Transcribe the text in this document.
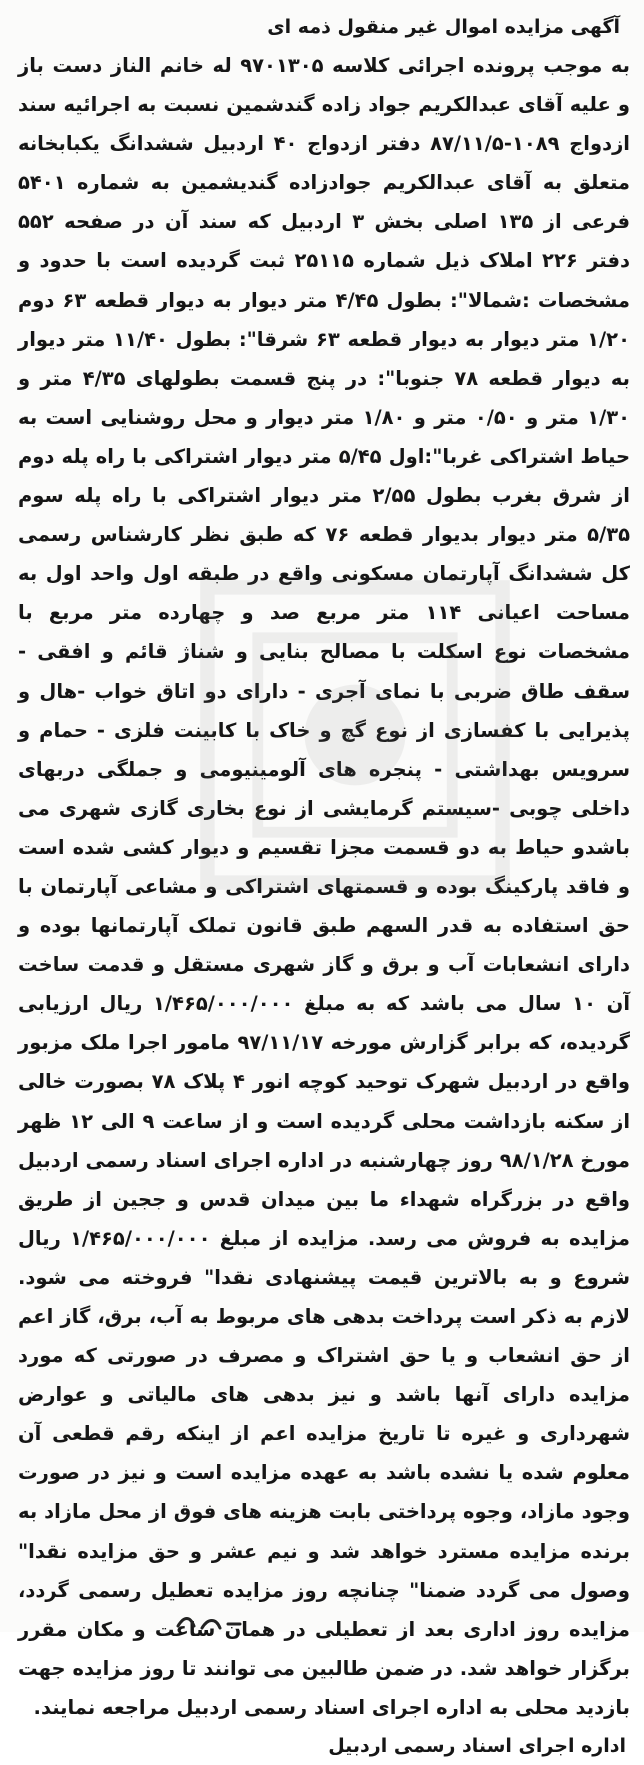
آگهی مزایده اموال غیر منقول ذمه ای

به موجب پرونده اجرائی کلاسه ۹۷۰۱۳۰۵ له خانم الناز دست باز و علیه آقای عبدالکریم جواد زاده گندشمین نسبت به اجرائیه سند ازدواج ۱۰۸۹-۸۷/۱۱/۵ دفتر ازدواج ۴۰ اردبیل ششدانگ یکبابخانه متعلق به آقای عبدالکریم جوادزاده گندیشمین به شماره ۵۴۰۱ فرعی از ۱۳۵ اصلی بخش ۳ اردبیل که سند آن در صفحه ۵۵۲ دفتر ۲۲۶ املاک ذیل شماره ۲۵۱۱۵ ثبت گردیده است با حدود و مشخصات :شمالا": بطول ۴/۴۵ متر دیوار به دیوار قطعه ۶۳ دوم ۱/۲۰ متر دیوار به دیوار قطعه ۶۳ شرقا": بطول ۱۱/۴۰ متر دیوار به دیوار قطعه ۷۸ جنوبا": در پنج قسمت بطولهای ۴/۳۵ متر و ۱/۳۰ متر و ۰/۵۰ متر و ۱/۸۰ متر دیوار و محل روشنایی است به حیاط اشتراکی غربا":اول ۵/۴۵ متر دیوار اشتراکی با راه پله دوم از شرق بغرب بطول ۲/۵۵ متر دیوار اشتراکی با راه پله سوم ۵/۳۵ متر دیوار بدیوار قطعه ۷۶ که طبق نظر کارشناس رسمی کل ششدانگ آپارتمان مسکونی واقع در طبقه اول واحد اول به مساحت اعیانی ۱۱۴ متر مربع صد و چهارده متر مربع با مشخصات نوع اسکلت با مصالح بنایی و شناژ قائم و افقی - سقف طاق ضربی با نمای آجری - دارای دو اتاق خواب -هال و پذیرایی با کفسازی از نوع گچ و خاک با کابینت فلزی - حمام و سرویس بهداشتی - پنجره های آلومینیومی و جملگی دربهای داخلی چوبی -سیستم گرمایشی از نوع بخاری گازی شهری می باشدو حیاط به دو قسمت مجزا تقسیم و دیوار کشی شده است و فاقد پارکینگ بوده و قسمتهای اشتراکی و مشاعی آپارتمان با حق استفاده به قدر السهم طبق قانون تملک آپارتمانها بوده و دارای انشعابات آب و برق و گاز شهری مستقل و قدمت ساخت آن ۱۰ سال می باشد که به مبلغ ۱/۴۶۵/۰۰۰/۰۰۰ ریال ارزیابی گردیده، که برابر گزارش مورخه ۹۷/۱۱/۱۷ مامور اجرا ملک مزبور واقع در اردبیل شهرک توحید کوچه انور ۴ پلاک ۷۸ بصورت خالی از سکنه بازداشت محلی گردیده است و از ساعت ۹ الی ۱۲ ظهر مورخ ۹۸/۱/۲۸ روز چهارشنبه در اداره اجرای اسناد رسمی اردبیل واقع در بزرگراه شهداء ما بین میدان قدس و ججین از طریق مزایده به فروش می رسد. مزایده از مبلغ ۱/۴۶۵/۰۰۰/۰۰۰ ریال شروع و به بالاترین قیمت پیشنهادی نقدا" فروخته می شود. لازم به ذکر است پرداخت بدهی های مربوط به آب، برق، گاز اعم از حق انشعاب و یا حق اشتراک و مصرف در صورتی که مورد مزایده دارای آنها باشد و نیز بدهی های مالیاتی و عوارض شهرداری و غیره تا تاریخ مزایده اعم از اینکه رقم قطعی آن معلوم شده یا نشده باشد به عهده مزایده است و نیز در صورت وجود مازاد، وجوه پرداختی بابت هزینه های فوق از محل مازاد به برنده مزایده مسترد خواهد شد و نیم عشر و حق مزایده نقدا" وصول می گردد ضمنا" چنانچه روز مزایده تعطیل رسمی گردد، مزایده روز اداری بعد از تعطیلی در همان ساعت و مکان مقرر برگزار خواهد شد. در ضمن طالبین می توانند تا روز مزایده جهت بازدید محلی به اداره اجرای اسناد رسمی اردبیل مراجعه نمایند.

اداره اجرای اسناد رسمی اردبیل
